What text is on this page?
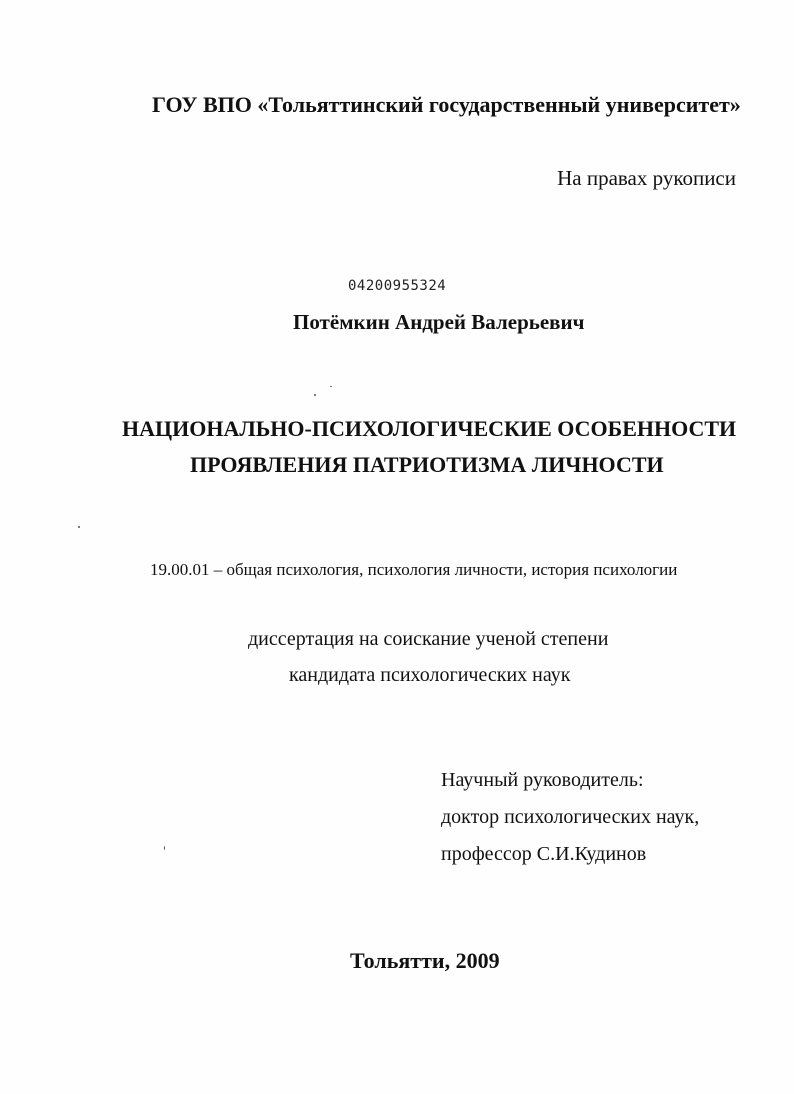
ГОУ ВПО «Тольяттинский государственный университет»
На правах рукописи
04200955324
Потёмкин Андрей Валерьевич
НАЦИОНАЛЬНО-ПСИХОЛОГИЧЕСКИЕ ОСОБЕННОСТИ
ПРОЯВЛЕНИЯ ПАТРИОТИЗМА ЛИЧНОСТИ
19.00.01 – общая психология, психология личности, история психологии
диссертация на соискание ученой степени
кандидата психологических наук
Научный руководитель:
доктор психологических наук,
профессор С.И.Кудинов
Тольятти, 2009
